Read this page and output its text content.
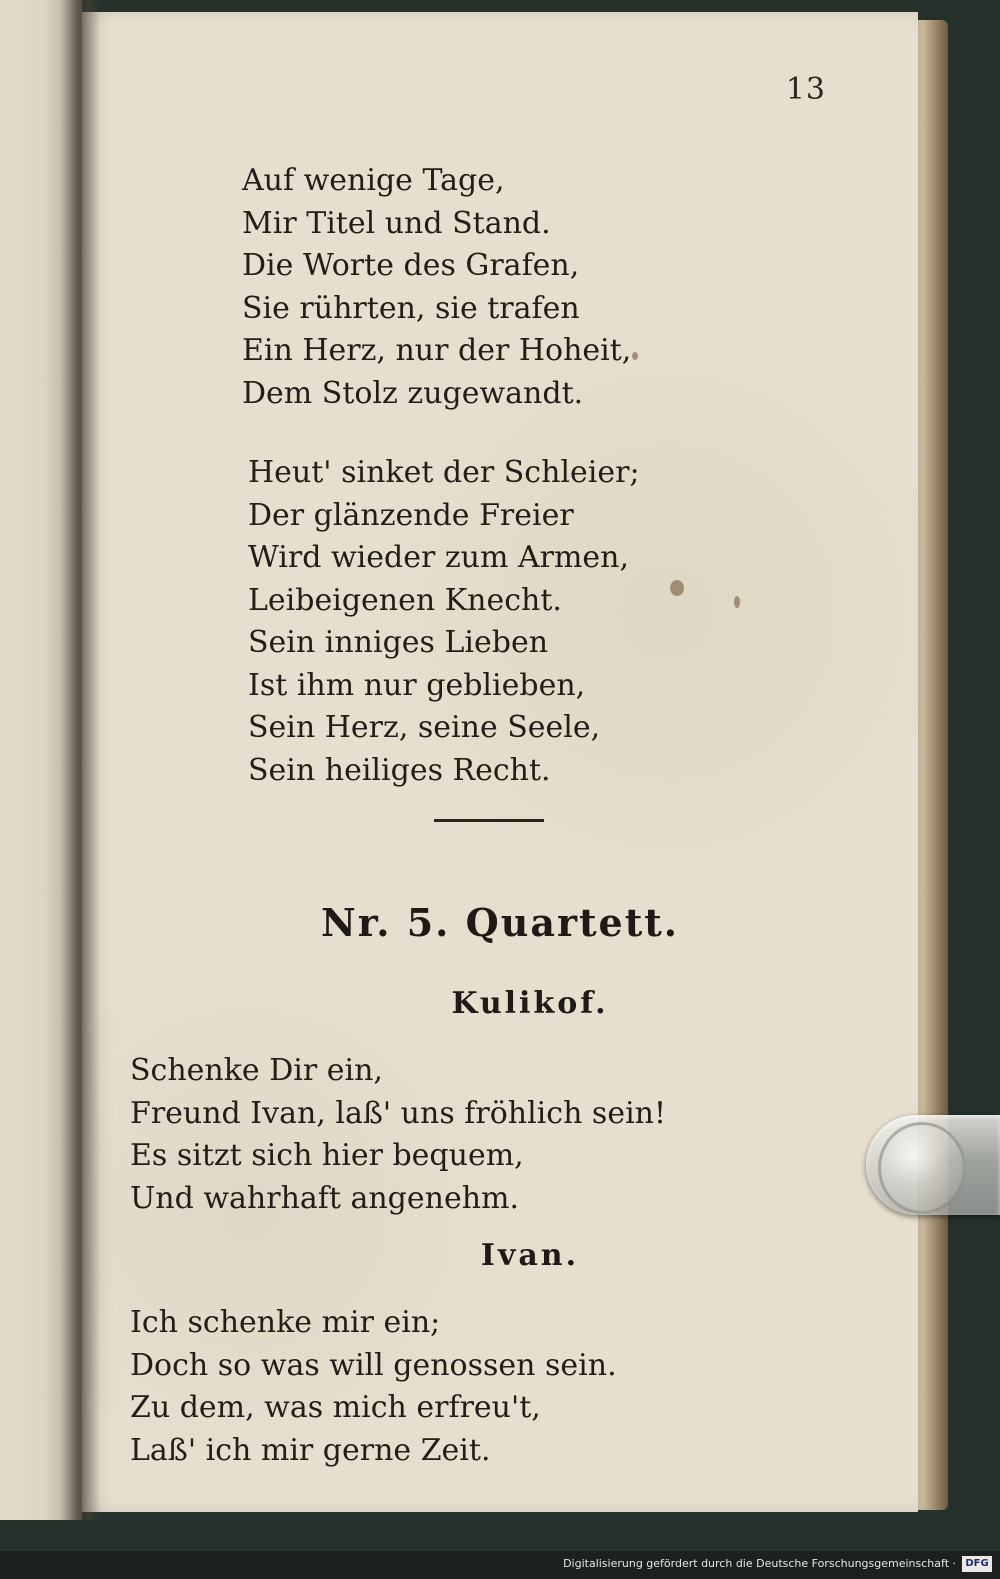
13
Auf wenige Tage,
Mir Titel und Stand.
Die Worte des Grafen,
Sie rührten, sie trafen
Ein Herz, nur der Hoheit,
Dem Stolz zugewandt.
Heut' sinket der Schleier;
Der glänzende Freier
Wird wieder zum Armen,
Leibeigenen Knecht.
Sein inniges Lieben
Ist ihm nur geblieben,
Sein Herz, seine Seele,
Sein heiliges Recht.
Nr. 5. Quartett.
Kulikof.
Schenke Dir ein,
Freund Ivan, laß' uns fröhlich sein!
Es sitzt sich hier bequem,
Und wahrhaft angenehm.
Ivan.
Ich schenke mir ein;
Doch so was will genossen sein.
Zu dem, was mich erfreu't,
Laß' ich mir gerne Zeit.
Digitalisierung gefördert durch die Deutsche Forschungsgemeinschaft · DFG
